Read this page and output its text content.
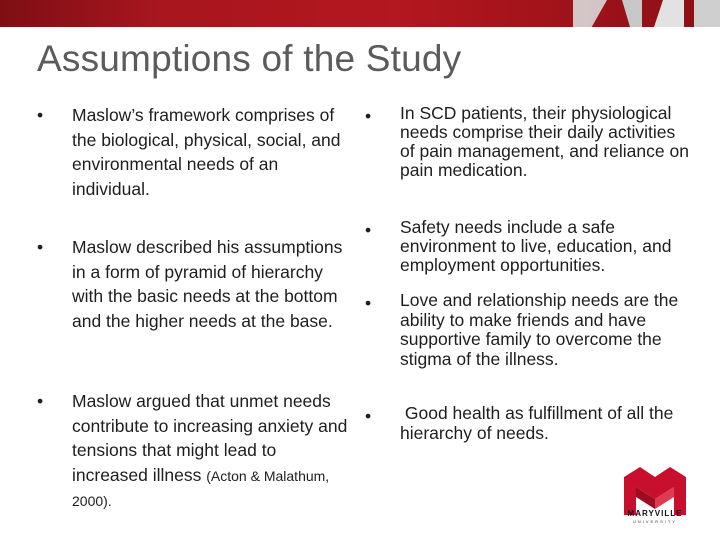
Assumptions of the Study
• Maslow’s framework comprises of the biological, physical, social, and environmental needs of an individual.
• Maslow described his assumptions in a form of pyramid of hierarchy with the basic needs at the bottom and the higher needs at the base.
• Maslow argued that unmet needs contribute to increasing anxiety and tensions that might lead to increased illness (Acton & Malathum, 2000).
• In SCD patients, their physiological needs comprise their daily activities of pain management, and reliance on pain medication.
• Safety needs include a safe environment to live, education, and employment opportunities.
• Love and relationship needs are the ability to make friends and have supportive family to overcome the stigma of the illness.
• Good health as fulfillment of all the hierarchy of needs.
MARYVILLE
UNIVERSITY
